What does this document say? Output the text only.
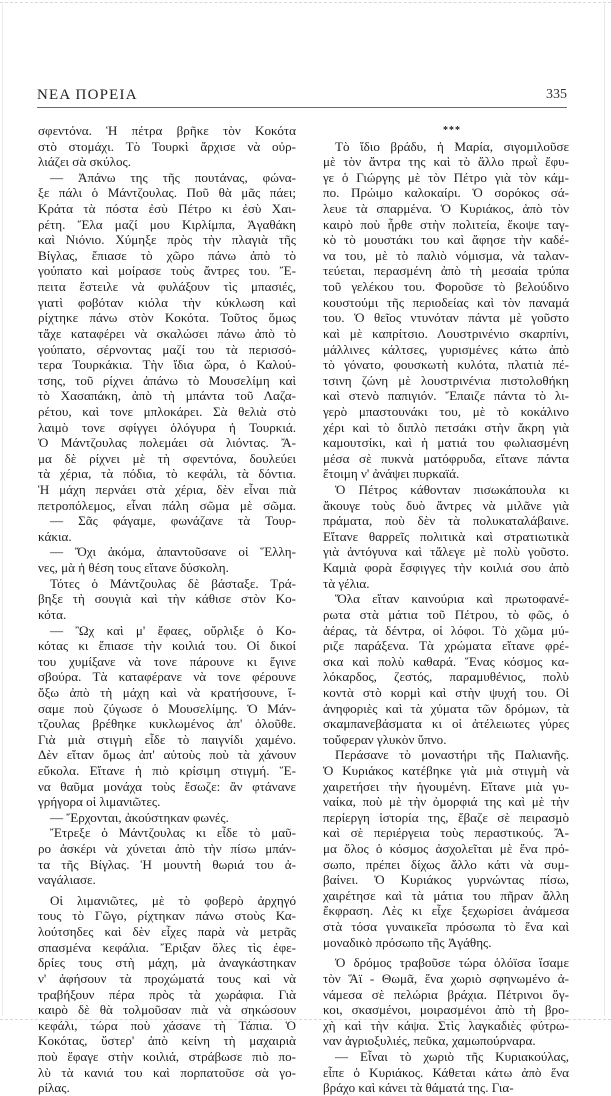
ΝΕΑ ΠΟΡΕΙΑ	335
σφεντόνα. Ἡ πέτρα βρῆκε τὸν Κοκότα
στὸ στομάχι. Τὸ Τουρκὶ ἄρχισε νὰ οὐρ-
λιάζει σὰ σκύλος.
— Ἀπάνω της τῆς πουτάνας, φώνα-
ξε πάλι ὁ Μάντζουλας. Ποῦ θὰ μᾶς πάει;
Κράτα τὰ πόστα ἐσὺ Πέτρο κι ἐσὺ Χαι-
ρέτη. Ἔλα μαζί μου Κιρλίμπα, Ἀγαθάκη
καὶ Νιόνιο. Χύμηξε πρὸς τὴν πλαγιὰ τῆς
Βίγλας, ἔπιασε τὸ χῶρο πάνω ἀπὸ τὸ
γούπατο καὶ μοίρασε τοὺς ἄντρες του. Ἔ-
πειτα ἔστειλε νὰ φυλάξουν τὶς μπασιές,
γιατὶ φοβόταν κιόλα τὴν κύκλωση καὶ
ρίχτηκε πάνω στὸν Κοκότα. Τοῦτος ὅμως
τἄχε καταφέρει νὰ σκαλώσει πάνω ἀπὸ τὸ
γούπατο, σέρνοντας μαζί του τὰ περισσό-
τερα Τουρκάκια. Τὴν ἴδια ὥρα, ὁ Καλού-
τσης, τοῦ ρίχνει ἀπάνω τὸ Μουσελίμη καὶ
τὸ Χασαπάκη, ἀπὸ τὴ μπάντα τοῦ Λαζα-
ρέτου, καὶ τονε μπλοκάρει. Σὰ θελιὰ στὸ
λαιμὸ τονε σφίγγει ὁλόγυρα ἡ Τουρκιά.
Ὁ Μάντζουλας πολεμάει σὰ λιόντας. Ἄ-
μα δὲ ρίχνει μὲ τὴ σφεντόνα, δουλεύει
τὰ χέρια, τὰ πόδια, τὸ κεφάλι, τὰ δόντια.
Ἡ μάχη περνάει στὰ χέρια, δὲν εἶναι πιὰ
πετροπόλεμος, εἶναι πάλη σῶμα μὲ σῶμα.
— Σᾶς φάγαμε, φωνάζανε τὰ Τουρ-
κάκια.
— Ὄχι ἀκόμα, ἀπαντοῦσανε οἱ Ἕλλη-
νες, μὰ ἡ θέση τους εἴτανε δύσκολη.
Τότες ὁ Μάντζουλας δὲ βάσταξε. Τρά-
βηξε τὴ σουγιὰ καὶ τὴν κάθισε στὸν Κο-
κότα.
— Ὢχ καὶ μ' ἔφαες, οὔρλιξε ὁ Κο-
κότας κι ἔπιασε τὴν κοιλιά του. Οἱ δικοί
του χυμίξανε νὰ τονε πάρουνε κι ἔγινε
σβούρα. Τὰ καταφέρανε νὰ τονε φέρουνε
ὄξω ἀπὸ τὴ μάχη καὶ νὰ κρατήσουνε, ἴ-
σαμε ποὺ ζύγωσε ὁ Μουσελίμης. Ὁ Μάν-
τζουλας βρέθηκε κυκλωμένος ἀπ' ὁλοῦθε.
Γιὰ μιὰ στιγμὴ εἶδε τὸ παιγνίδι χαμένο.
Δὲν εἴταν ὅμως ἀπ' αὐτοὺς ποὺ τὰ χάνουν
εὔκολα. Εἴτανε ἡ πιὸ κρίσιμη στιγμή. Ἕ-
να θαῦμα μονάχα τοὺς ἔσωζε: ἂν φτάνανε
γρήγορα οἱ λιμανιῶτες.
— Ἔρχονται, ἀκούστηκαν φωνές.
Ἔτρεξε ὁ Μάντζουλας κι εἶδε τὸ μαῦ-
ρο ἀσκέρι νὰ χύνεται ἀπὸ τὴν πίσω μπάν-
τα τῆς Βίγλας. Ἡ μουντὴ θωριά του ἀ-
ναγάλιασε.
Οἱ λιμανιῶτες, μὲ τὸ φοβερὸ ἀρχηγό
τους τὸ Γῶγο, ρίχτηκαν πάνω στοὺς Κα-
λούτσηδες καὶ δὲν εἶχες παρὰ νὰ μετρᾶς
σπασμένα κεφάλια. Ἔριξαν ὅλες τὶς ἐφε-
δρίες τους στὴ μάχη, μὰ ἀναγκάστηκαν
ν' ἀφήσουν τὰ προχώματά τους καὶ νὰ
τραβήξουν πέρα πρὸς τὰ χωράφια. Γιὰ
καιρὸ δὲ θὰ τολμοῦσαν πιὰ νὰ σηκώσουν
κεφάλι, τώρα ποὺ χάσανε τὴ Τάπια. Ὁ
Κοκότας, ὕστερ' ἀπὸ κείνη τὴ μαχαιριὰ
ποὺ ἔφαγε στὴν κοιλιά, στράβωσε πιὸ πο-
λὺ τὰ κανιά του καὶ πορπατοῦσε σὰ γο-
ρίλας.
***
Τὸ ἴδιο βράδυ, ἡ Μαρία, σιγομιλοῦσε
μὲ τὸν ἄντρα της καὶ τὸ ἄλλο πρωῒ ἔφυ-
γε ὁ Γιώργης μὲ τὸν Πέτρο γιὰ τὸν κάμ-
πο. Πρώιμο καλοκαίρι. Ὁ σορόκος σά-
λευε τὰ σπαρμένα. Ὁ Κυριάκος, ἀπὸ τὸν
καιρὸ ποὺ ἦρθε στὴν πολιτεία, ἔκοψε ταγ-
κὸ τὸ μουστάκι του καὶ ἄφησε τὴν καδέ-
να του, μὲ τὸ παλιὸ νόμισμα, νὰ ταλαν-
τεύεται, περασμένη ἀπὸ τὴ μεσαία τρύπα
τοῦ γελέκου του. Φοροῦσε τὸ βελούδινο
κουστούμι τῆς περιοδείας καὶ τὸν παναμά
του. Ὁ θεῖος ντυνόταν πάντα μὲ γοῦστο
καὶ μὲ καπρίτσιο. Λουστρινένιο σκαρπίνι,
μάλλινες κάλτσες, γυρισμένες κάτω ἀπὸ
τὸ γόνατο, φουσκωτὴ κυλότα, πλατιὰ πέ-
τσινη ζώνη μὲ λουστρινένια πιστολοθήκη
καὶ στενὸ παπιγιόν. Ἔπαιζε πάντα τὸ λι-
γερὸ μπαστουνάκι του, μὲ τὸ κοκάλινο
χέρι καὶ τὸ διπλὸ πετσάκι στὴν ἄκρη γιὰ
καμουτσίκι, καὶ ἡ ματιά του φωλιασμένη
μέσα σὲ πυκνὰ ματόφρυδα, εἴτανε πάντα
ἕτοιμη ν' ἀνάψει πυρκαϊά.
Ὁ Πέτρος κάθονταν πισωκάπουλα κι
ἄκουγε τοὺς δυὸ ἄντρες νὰ μιλᾶνε γιὰ
πράματα, ποὺ δὲν τὰ πολυκαταλάβαινε.
Εἴτανε θαρρεῖς πολιτικὰ καὶ στρατιωτικὰ
γιὰ ἀντόγυνα καὶ τἄλεγε μὲ πολὺ γοῦστο.
Καμιὰ φορὰ ἔσφιγγες τὴν κοιλιά σου ἀπὸ
τὰ γέλια.
Ὅλα εἴταν καινούρια καὶ πρωτοφανέ-
ρωτα στὰ μάτια τοῦ Πέτρου, τὸ φῶς, ὁ
ἀέρας, τὰ δέντρα, οἱ λόφοι. Τὸ χῶμα μύ-
ριζε παράξενα. Τὰ χρώματα εἴτανε φρέ-
σκα καὶ πολὺ καθαρά. Ἕνας κόσμος κα-
λόκαρδος, ζεστός, παραμυθένιος, πολὺ
κοντὰ στὸ κορμὶ καὶ στὴν ψυχή του. Οἱ
ἀνηφοριὲς καὶ τὰ χύματα τῶν δρόμων, τὰ
σκαμπανεβάσματα κι οἱ ἀτέλειωτες γύρες
τοὔφεραν γλυκὸν ὕπνο.
Περάσανε τὸ μοναστήρι τῆς Παλιανῆς.
Ὁ Κυριάκος κατέβηκε γιὰ μιὰ στιγμὴ νὰ
χαιρετήσει τὴν ἡγουμένη. Εἴτανε μιὰ γυ-
ναίκα, ποὺ μὲ τὴν ὀμορφιά της καὶ μὲ τὴν
περίεργη ἱστορία της, ἔβαζε σὲ πειρασμὸ
καὶ σὲ περιέργεια τοὺς περαστικούς. Ἄ-
μα ὅλος ὁ κόσμος ἀσχολεῖται μὲ ἕνα πρό-
σωπο, πρέπει δίχως ἄλλο κάτι νὰ συμ-
βαίνει. Ὁ Κυριάκος γυρνώντας πίσω,
χαιρέτησε καὶ τὰ μάτια του πῆραν ἄλλη
ἔκφραση. Λὲς κι εἶχε ξεχωρίσει ἀνάμεσα
στὰ τόσα γυναικεῖα πρόσωπα τὸ ἕνα καὶ
μοναδικὸ πρόσωπο τῆς Ἀγάθης.
Ὁ δρόμος τραβοῦσε τώρα ὁλόϊσα ἴσαμε
τὸν Ἅϊ - Θωμᾶ, ἕνα χωριὸ σφηνωμένο ἀ-
νάμεσα σὲ πελώρια βράχια. Πέτρινοι ὄγ-
κοι, σκασμένοι, μοιρασμένοι ἀπὸ τὴ βρο-
χὴ καὶ τὴν κάψα. Στὶς λαγκαδιὲς φύτρω-
ναν ἀγριοξυλιές, πεῦκα, χαμωπούρναρα.
— Εἶναι τὸ χωριὸ τῆς Κυριακούλας,
εἶπε ὁ Κυριάκος. Κάθεται κάτω ἀπὸ ἕνα
βράχο καὶ κάνει τὰ θάματά της. Για-
